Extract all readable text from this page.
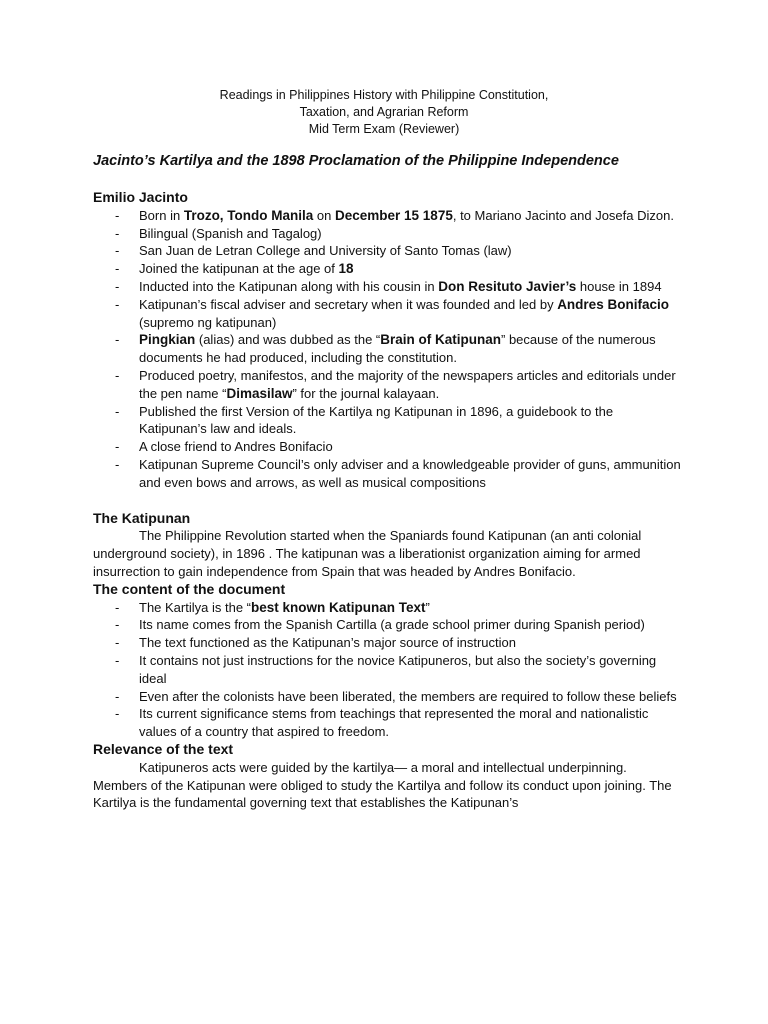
Readings in Philippines History with Philippine Constitution,
Taxation, and Agrarian Reform
Mid Term Exam (Reviewer)
Jacinto’s Kartilya and the 1898 Proclamation of the Philippine Independence
Emilio Jacinto
- Born in Trozo, Tondo Manila on December 15 1875, to Mariano Jacinto and Josefa Dizon.
- Bilingual (Spanish and Tagalog)
- San Juan de Letran College and University of Santo Tomas (law)
- Joined the katipunan at the age of 18
- Inducted into the Katipunan along with his cousin in Don Resituto Javier’s house in 1894
- Katipunan’s fiscal adviser and secretary when it was founded and led by Andres Bonifacio (supremo ng katipunan)
- Pingkian (alias) and was dubbed as the “Brain of Katipunan” because of the numerous documents he had produced, including the constitution.
- Produced poetry, manifestos, and the majority of the newspapers articles and editorials under the pen name “Dimasilaw” for the journal kalayaan.
- Published the first Version of the Kartilya ng Katipunan in 1896, a guidebook to the Katipunan’s law and ideals.
- A close friend to Andres Bonifacio
- Katipunan Supreme Council’s only adviser and a knowledgeable provider of guns, ammunition and even bows and arrows, as well as musical compositions
The Katipunan

The Philippine Revolution started when the Spaniards found Katipunan (an anti colonial underground society), in 1896 . The katipunan was a liberationist organization aiming for armed insurrection to gain independence from Spain that was headed by Andres Bonifacio.

The content of the document
- The Kartilya is the “best known Katipunan Text”
- Its name comes from the Spanish Cartilla (a grade school primer during Spanish period)
- The text functioned as the Katipunan’s major source of instruction
- It contains not just instructions for the novice Katipuneros, but also the society’s governing ideal
- Even after the colonists have been liberated, the members are required to follow these beliefs
- Its current significance stems from teachings that represented the moral and nationalistic values of a country that aspired to freedom.
Relevance of the text

Katipuneros acts were guided by the kartilya— a moral and intellectual underpinning. Members of the Katipunan were obliged to study the Kartilya and follow its conduct upon joining. The Kartilya is the fundamental governing text that establishes the Katipunan’s
